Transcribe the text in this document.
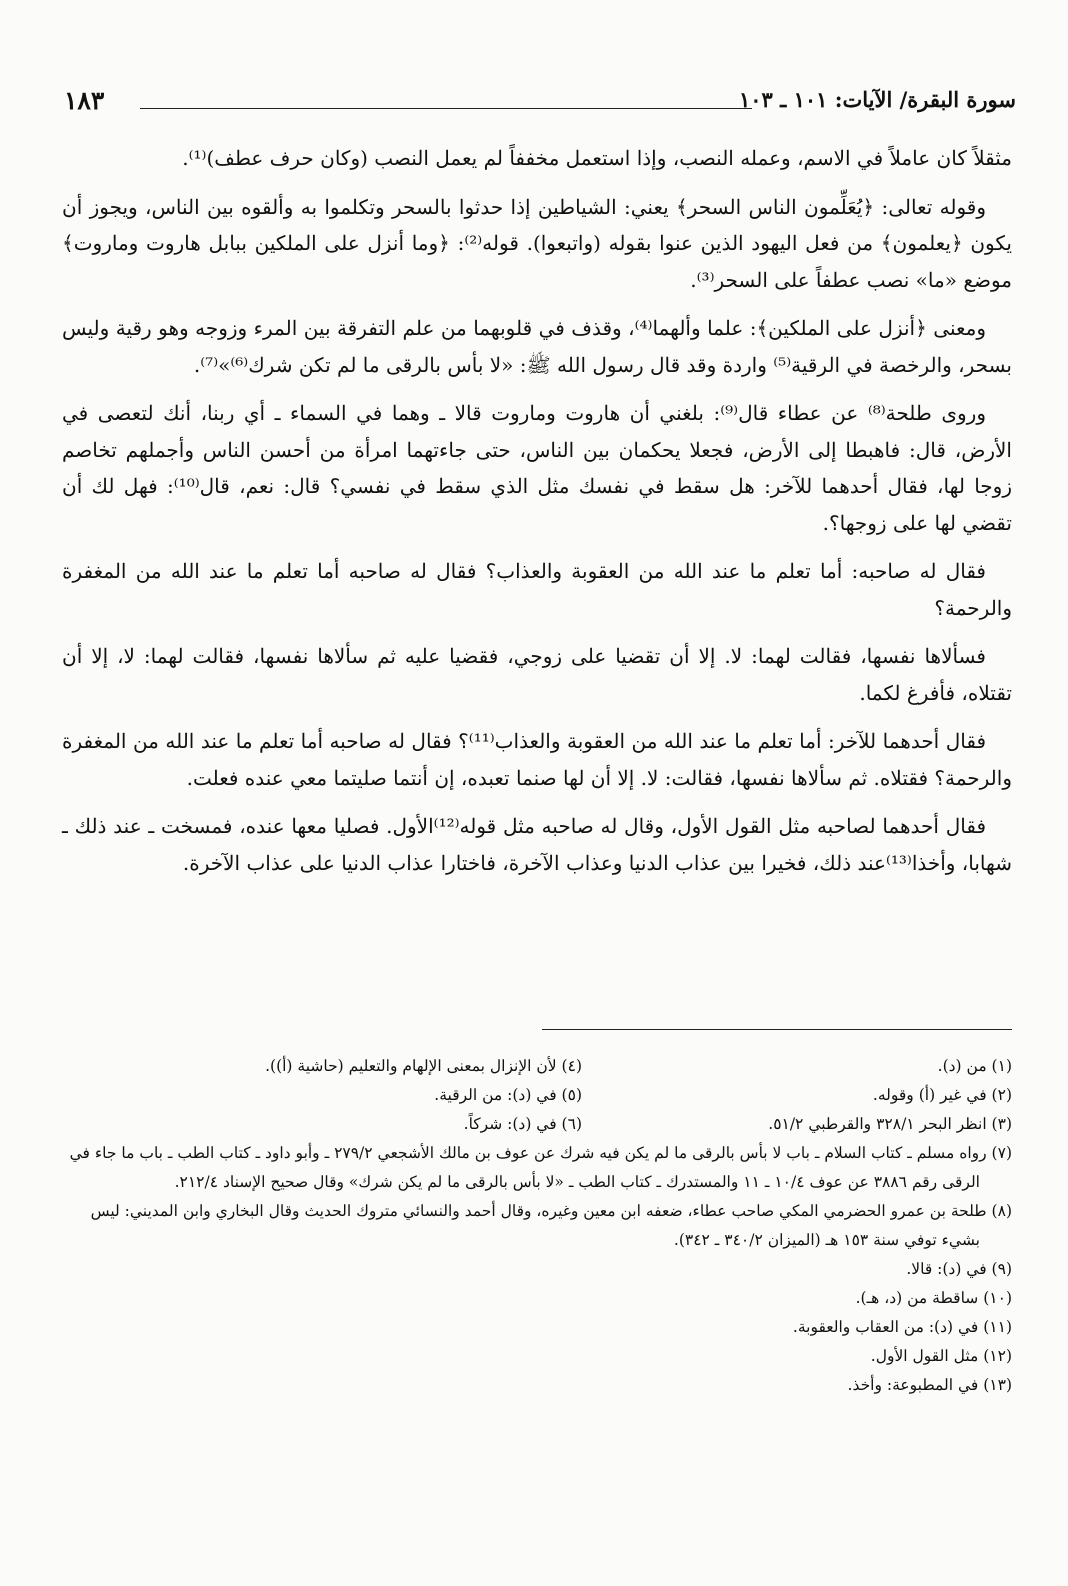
١٨٣	سورة البقرة/ الآيات: ١٠١ ـ ١٠٣

مثقلاً كان عاملاً في الاسم، وعمله النصب، وإذا استعمل مخففاً لم يعمل النصب (وكان حرف عطف)⁽¹⁾.

وقوله تعالى: ﴿يُعَلِّمون الناس السحر﴾ يعني: الشياطين إذا حدثوا بالسحر وتكلموا به وألقوه بين الناس، ويجوز أن يكون ﴿يعلمون﴾ من فعل اليهود الذين عنوا بقوله (واتبعوا). قوله⁽²⁾: ﴿وما أنزل على الملكين ببابل هاروت وماروت﴾ موضع «ما» نصب عطفاً على السحر⁽³⁾.

ومعنى ﴿أنزل على الملكين﴾: علما وألهما⁽⁴⁾، وقذف في قلوبهما من علم التفرقة بين المرء وزوجه وهو رقية وليس بسحر، والرخصة في الرقية⁽⁵⁾ واردة وقد قال رسول الله ﷺ: «لا بأس بالرقى ما لم تكن شرك⁽⁶⁾»⁽⁷⁾.

وروى طلحة⁽⁸⁾ عن عطاء قال⁽⁹⁾: بلغني أن هاروت وماروت قالا ـ وهما في السماء ـ أي ربنا، أنك لتعصى في الأرض، قال: فاهبطا إلى الأرض، فجعلا يحكمان بين الناس، حتى جاءتهما امرأة من أحسن الناس وأجملهم تخاصم زوجا لها، فقال أحدهما للآخر: هل سقط في نفسك مثل الذي سقط في نفسي؟ قال: نعم، قال⁽¹⁰⁾: فهل لك أن تقضي لها على زوجها؟.

فقال له صاحبه: أما تعلم ما عند الله من العقوبة والعذاب؟ فقال له صاحبه أما تعلم ما عند الله من المغفرة والرحمة؟

فسألاها نفسها، فقالت لهما: لا. إلا أن تقضيا على زوجي، فقضيا عليه ثم سألاها نفسها، فقالت لهما: لا، إلا أن تقتلاه، فأفرغ لكما.

فقال أحدهما للآخر: أما تعلم ما عند الله من العقوبة والعذاب⁽¹¹⁾؟ فقال له صاحبه أما تعلم ما عند الله من المغفرة والرحمة؟ فقتلاه. ثم سألاها نفسها، فقالت: لا. إلا أن لها صنما تعبده، إن أنتما صليتما معي عنده فعلت.

فقال أحدهما لصاحبه مثل القول الأول، وقال له صاحبه مثل قوله⁽¹²⁾الأول. فصليا معها عنده، فمسخت ـ عند ذلك ـ شهابا، وأخذا⁽¹³⁾عند ذلك، فخيرا بين عذاب الدنيا وعذاب الآخرة، فاختارا عذاب الدنيا على عذاب الآخرة.

(١) من (د).
(٤) لأن الإنزال بمعنى الإلهام والتعليم (حاشية (أ)).
(٢) في غير (أ) وقوله.
(٥) في (د): من الرقية.
(٣) انظر البحر ٣٢٨/١ والقرطبي ٥١/٢.
(٦) في (د): شركاً.

(٧) رواه مسلم ـ كتاب السلام ـ باب لا بأس بالرقى ما لم يكن فيه شرك عن عوف بن مالك الأشجعي ٢٧٩/٢ ـ وأبو داود ـ كتاب الطب ـ باب ما جاء في الرقى رقم ٣٨٨٦ عن عوف ١٠/٤ ـ ١١ والمستدرك ـ كتاب الطب ـ «لا بأس بالرقى ما لم يكن شرك» وقال صحيح الإسناد ٢١٢/٤.

(٨) طلحة بن عمرو الحضرمي المكي صاحب عطاء، ضعفه ابن معين وغيره، وقال أحمد والنسائي متروك الحديث وقال البخاري وابن المديني: ليس بشيء توفي سنة ١٥٣ هـ (الميزان ٣٤٠/٢ ـ ٣٤٢).

(٩) في (د): قالا.

(١٠) ساقطة من (د، هـ).

(١١) في (د): من العقاب والعقوبة.

(١٢) مثل القول الأول.

(١٣) في المطبوعة: وأخذ.
